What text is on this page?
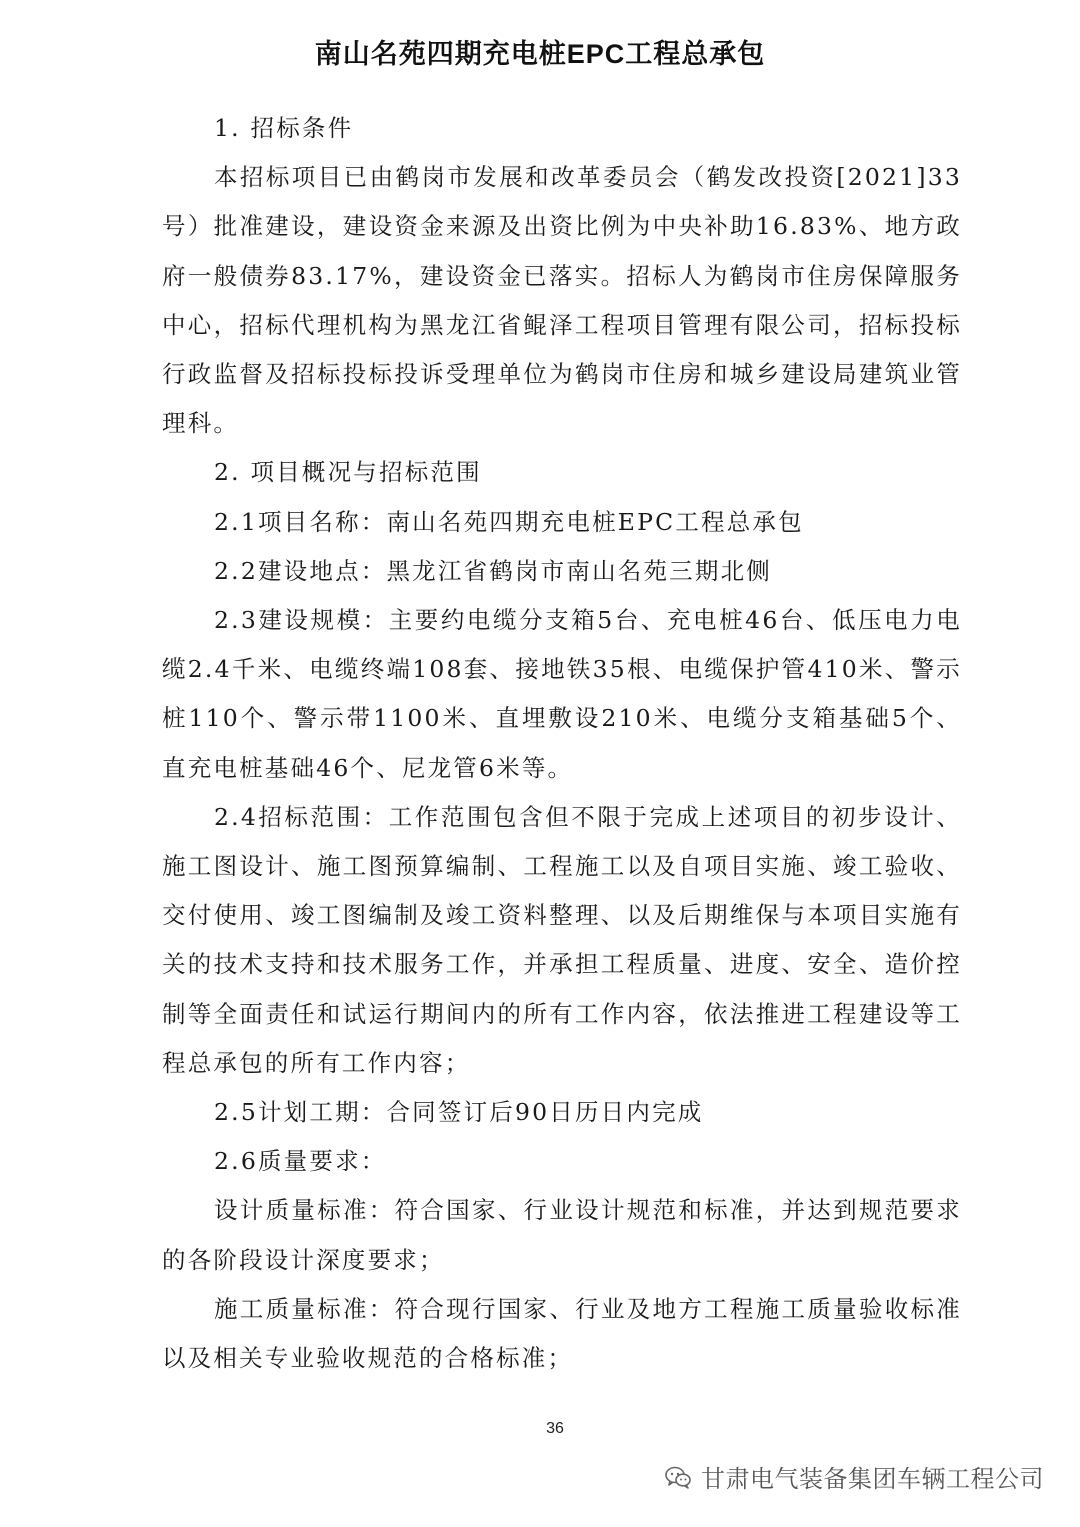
南山名苑四期充电桩EPC工程总承包

1. 招标条件

本招标项目已由鹤岗市发展和改革委员会（鹤发改投资[2021]33号）批准建设，建设资金来源及出资比例为中央补助16.83%、地方政府一般债券83.17%，建设资金已落实。招标人为鹤岗市住房保障服务中心，招标代理机构为黑龙江省鲲泽工程项目管理有限公司，招标投标行政监督及招标投标投诉受理单位为鹤岗市住房和城乡建设局建筑业管理科。

2. 项目概况与招标范围

2.1项目名称：南山名苑四期充电桩EPC工程总承包

2.2建设地点：黑龙江省鹤岗市南山名苑三期北侧

2.3建设规模：主要约电缆分支箱5台、充电桩46台、低压电力电缆2.4千米、电缆终端108套、接地铁35根、电缆保护管410米、警示桩110个、警示带1100米、直埋敷设210米、电缆分支箱基础5个、直充电桩基础46个、尼龙管6米等。

2.4招标范围：工作范围包含但不限于完成上述项目的初步设计、施工图设计、施工图预算编制、工程施工以及自项目实施、竣工验收、交付使用、竣工图编制及竣工资料整理、以及后期维保与本项目实施有关的技术支持和技术服务工作，并承担工程质量、进度、安全、造价控制等全面责任和试运行期间内的所有工作内容，依法推进工程建设等工程总承包的所有工作内容；

2.5计划工期：合同签订后90日历日内完成

2.6质量要求：

设计质量标准：符合国家、行业设计规范和标准，并达到规范要求的各阶段设计深度要求；

施工质量标准：符合现行国家、行业及地方工程施工质量验收标准以及相关专业验收规范的合格标准；

36
甘肃电气装备集团车辆工程公司
